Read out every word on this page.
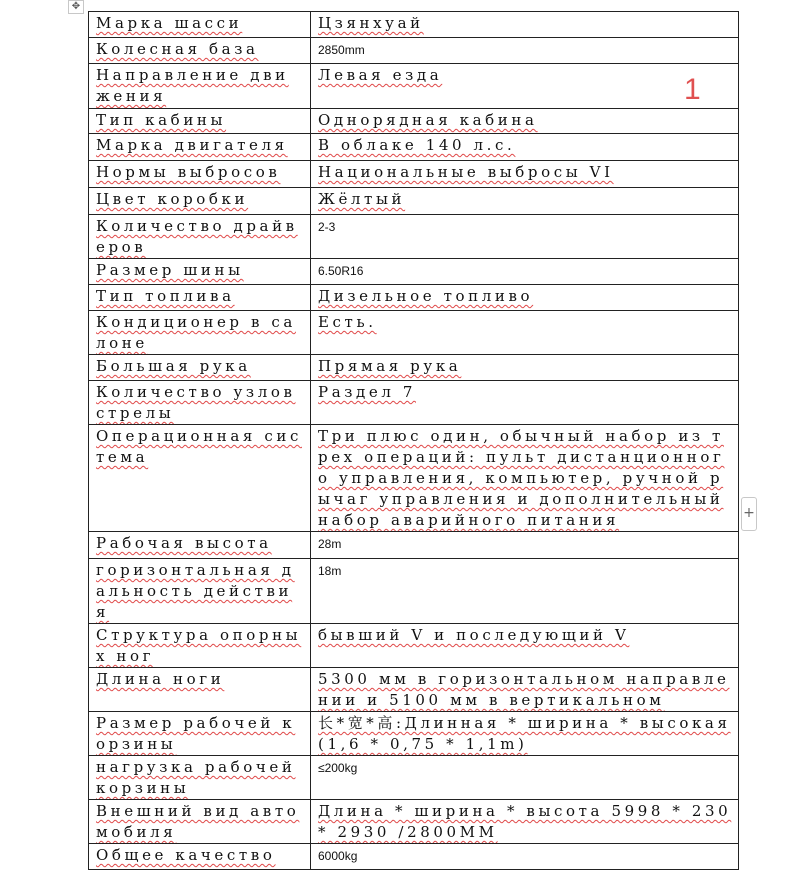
✥
1
Марка шасси	Цзянхуай
Колесная база	2850mm
Направление движения	Левая езда
Тип кабины	Однорядная кабина
Марка двигателя	В облаке 140 л.с.
Нормы выбросов	Национальные выбросы VI
Цвет коробки	Жёлтый
Количество драйверов	2-3
Размер шины	6.50R16
Тип топлива	Дизельное топливо
Кондиционер в салоне	Есть.
Большая рука	Прямая рука
Количество узлов стрелы	Раздел 7
Операционная система	Три плюс один, обычный набор из трех операций: пульт дистанционного управления, компьютер, ручной рычаг управления и дополнительный набор аварийного питания
Рабочая высота	28m
горизонтальная дальность действия	18m
Структура опорных ног	бывший V и последующий V
Длина ноги	5300 мм в горизонтальном направлении и 5100 мм в вертикальном
Размер рабочей корзины	长*宽*高:Длинная * ширина * высокая (1,6 * 0,75 * 1,1m)
нагрузка рабочей корзины	≤200kg
Внешний вид автомобиля	Длина * ширина * высота 5998 * 230 * 2930 /2800ММ
Общее качество	6000kg
+
